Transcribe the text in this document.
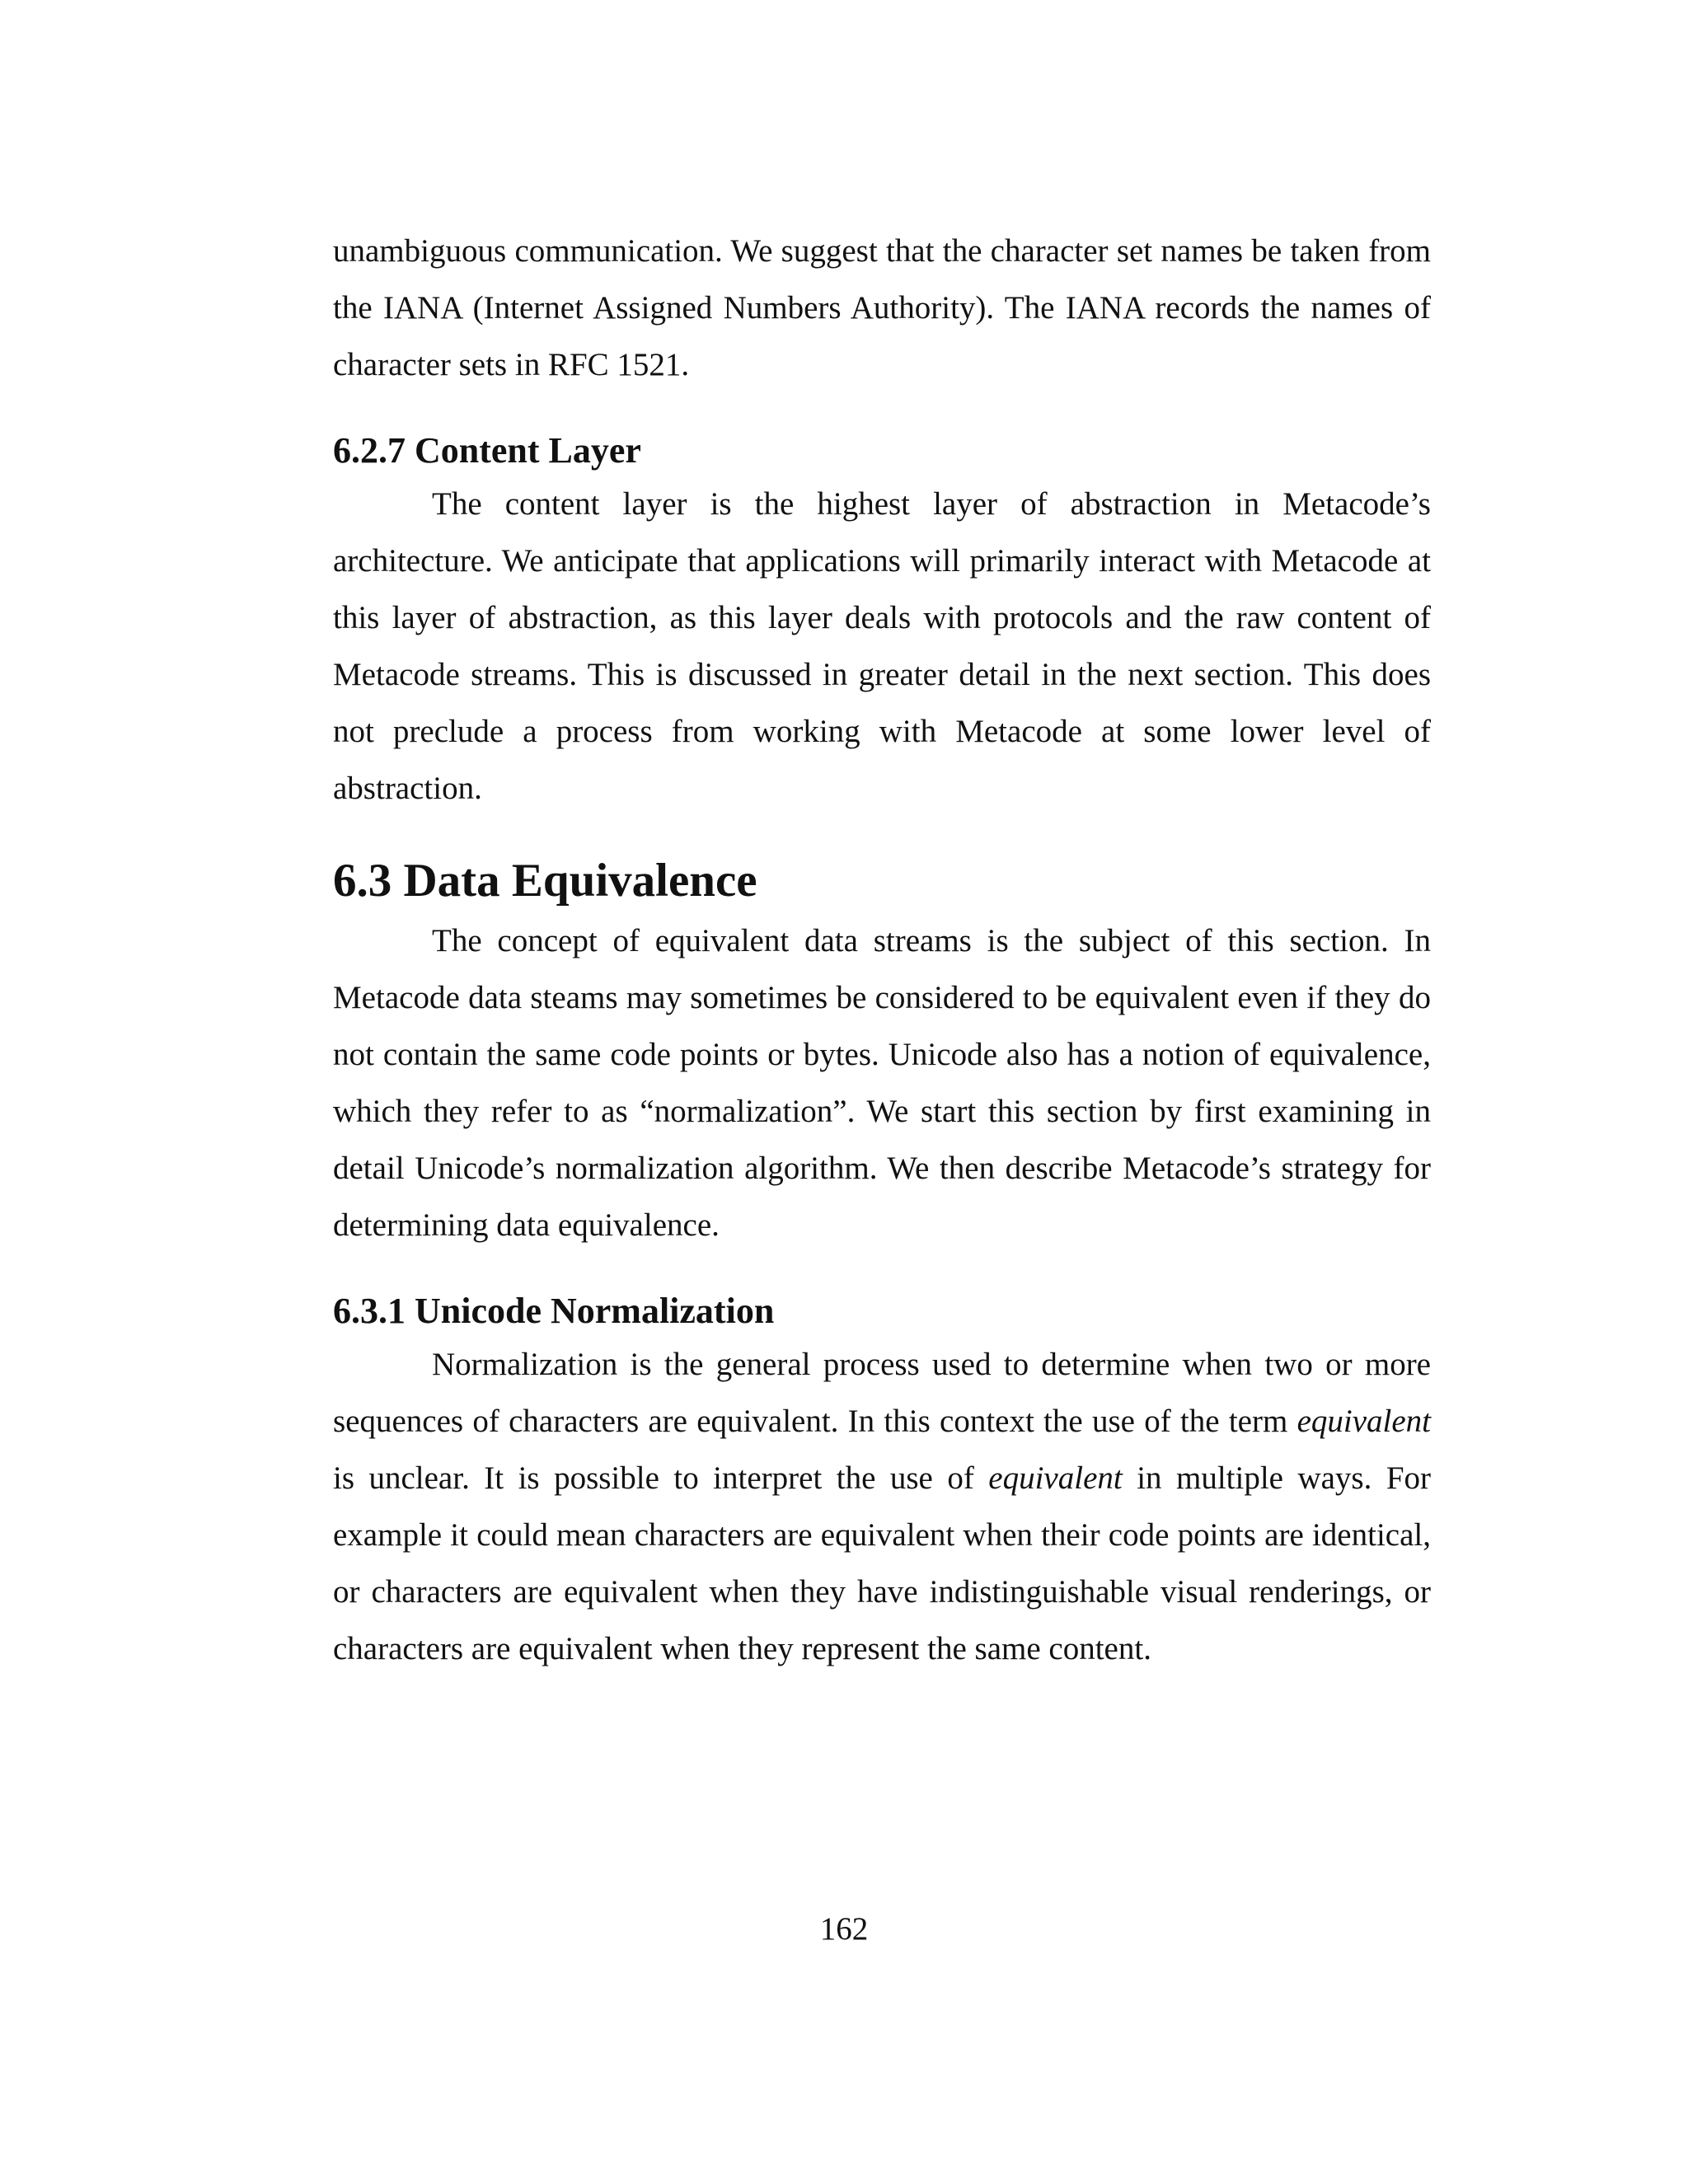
unambiguous communication. We suggest that the character set names be taken from the IANA (Internet Assigned Numbers Authority). The IANA records the names of character sets in RFC 1521.

6.2.7 Content Layer

The content layer is the highest layer of abstraction in Metacode’s architecture. We anticipate that applications will primarily interact with Metacode at this layer of abstraction, as this layer deals with protocols and the raw content of Metacode streams. This is discussed in greater detail in the next section. This does not preclude a process from working with Metacode at some lower level of abstraction.

6.3 Data Equivalence

The concept of equivalent data streams is the subject of this section. In Metacode data steams may sometimes be considered to be equivalent even if they do not contain the same code points or bytes. Unicode also has a notion of equivalence, which they refer to as “normalization”. We start this section by first examining in detail Unicode’s normalization algorithm. We then describe Metacode’s strategy for determining data equivalence.

6.3.1 Unicode Normalization

Normalization is the general process used to determine when two or more sequences of characters are equivalent. In this context the use of the term equivalent is unclear. It is possible to interpret the use of equivalent in multiple ways. For example it could mean characters are equivalent when their code points are identical, or characters are equivalent when they have indistinguishable visual renderings, or characters are equivalent when they represent the same content.

162
